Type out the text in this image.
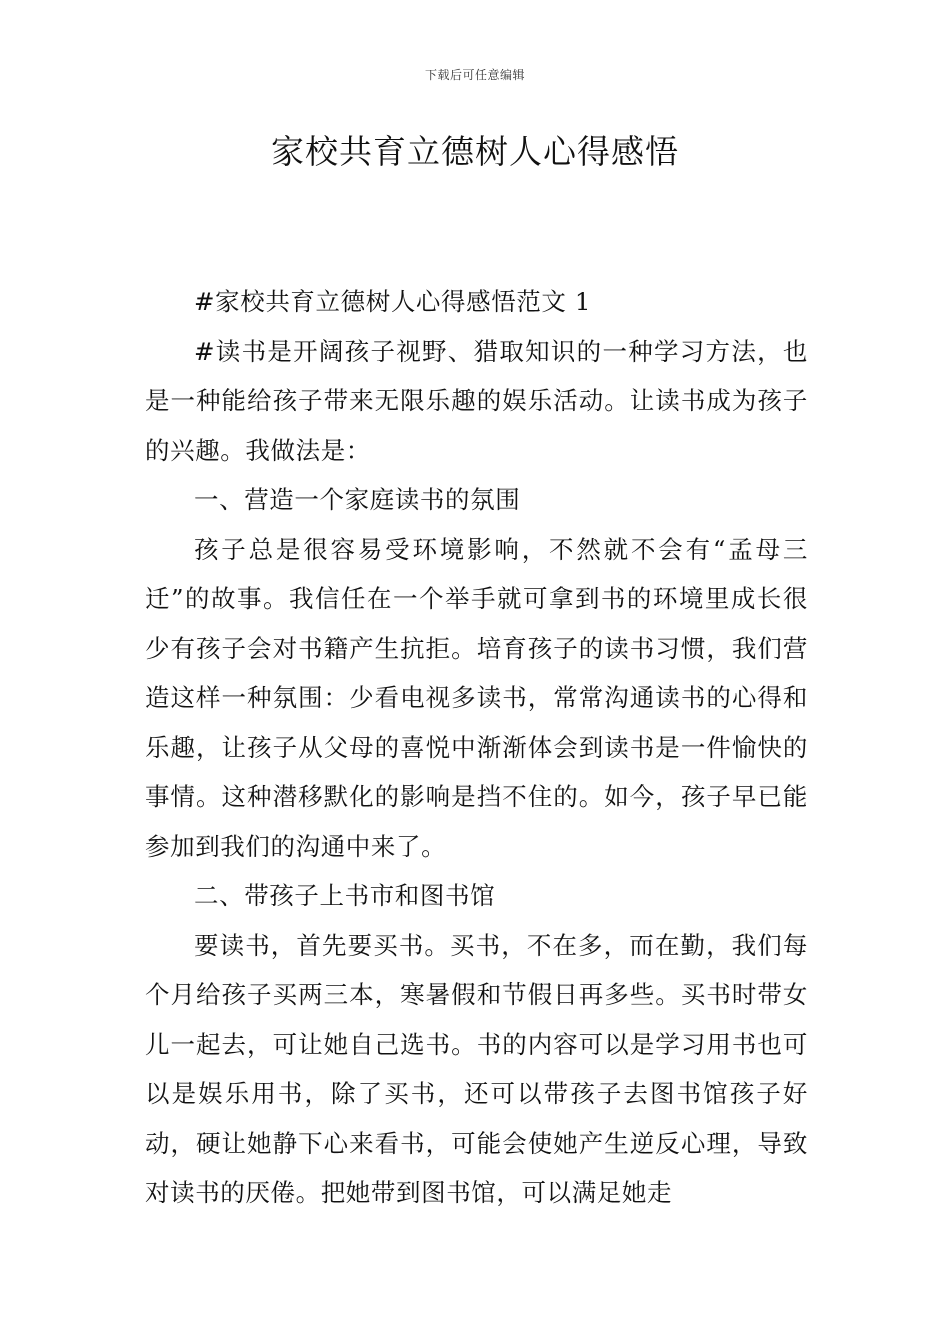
下载后可任意编辑
家校共育立德树人心得感悟

#家校共育立德树人心得感悟范文 1

#读书是开阔孩子视野、猎取知识的一种学习方法，也是一种能给孩子带来无限乐趣的娱乐活动。让读书成为孩子的兴趣。我做法是：

一、营造一个家庭读书的氛围

孩子总是很容易受环境影响，不然就不会有“孟母三迁”的故事。我信任在一个举手就可拿到书的环境里成长很少有孩子会对书籍产生抗拒。培育孩子的读书习惯，我们营造这样一种氛围：少看电视多读书，常常沟通读书的心得和乐趣，让孩子从父母的喜悦中渐渐体会到读书是一件愉快的事情。这种潜移默化的影响是挡不住的。如今，孩子早已能参加到我们的沟通中来了。

二、带孩子上书市和图书馆

要读书，首先要买书。买书，不在多，而在勤，我们每个月给孩子买两三本，寒暑假和节假日再多些。买书时带女儿一起去，可让她自己选书。书的内容可以是学习用书也可以是娱乐用书，除了买书，还可以带孩子去图书馆孩子好动，硬让她静下心来看书，可能会使她产生逆反心理，导致对读书的厌倦。把她带到图书馆，可以满足她走
